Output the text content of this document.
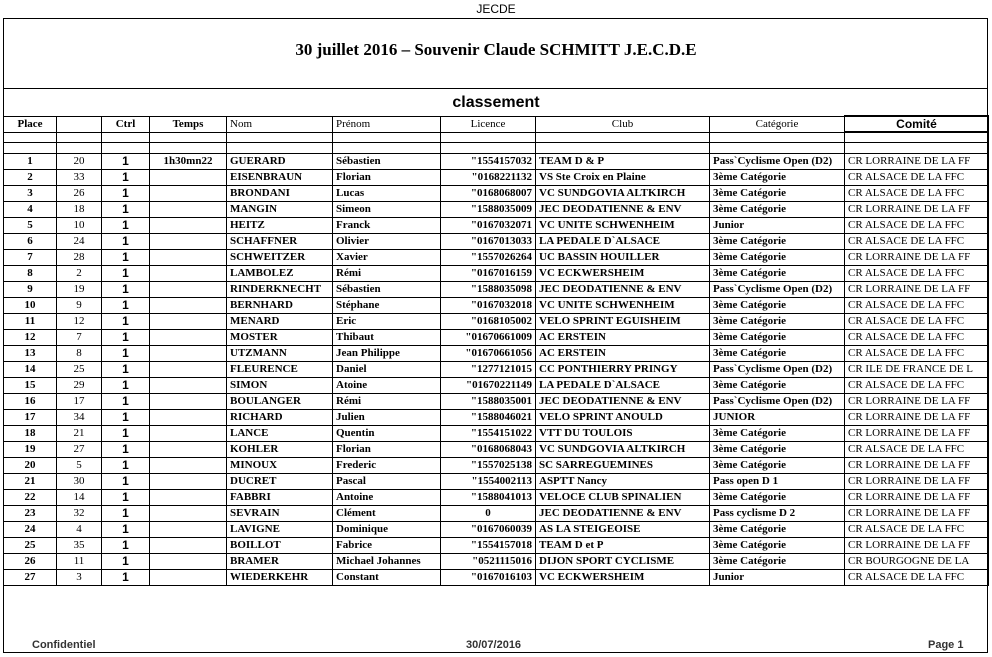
JECDE
30 juillet 2016 – Souvenir Claude SCHMITT J.E.C.D.E
classement
Place		Ctrl	Temps	Nom	Prénom	Licence	Club	Catégorie	Comité

1	20	1	1h30mn22	GUERARD	Sébastien	"1554157032	TEAM D & P	Pass`Cyclisme Open (D2)	CR LORRAINE DE LA FF
2	33	1		EISENBRAUN	Florian	"0168221132	VS Ste Croix en Plaine	3ème Catégorie	CR ALSACE DE LA FFC
3	26	1		BRONDANI	Lucas	"0168068007	VC SUNDGOVIA ALTKIRCH	3ème Catégorie	CR ALSACE DE LA FFC
4	18	1		MANGIN	Simeon	"1588035009	JEC DEODATIENNE & ENV	3ème Catégorie	CR LORRAINE DE LA FF
5	10	1		HEITZ	Franck	"0167032071	VC UNITE SCHWENHEIM	Junior	CR ALSACE DE LA FFC
6	24	1		SCHAFFNER	Olivier	"0167013033	LA PEDALE D`ALSACE	3ème Catégorie	CR ALSACE DE LA FFC
7	28	1		SCHWEITZER	Xavier	"1557026264	UC BASSIN HOUILLER	3ème Catégorie	CR LORRAINE DE LA FF
8	2	1		LAMBOLEZ	Rémi	"0167016159	VC ECKWERSHEIM	3ème Catégorie	CR ALSACE DE LA FFC
9	19	1		RINDERKNECHT	Sébastien	"1588035098	JEC DEODATIENNE & ENV	Pass`Cyclisme Open (D2)	CR LORRAINE DE LA FF
10	9	1		BERNHARD	Stéphane	"0167032018	VC UNITE SCHWENHEIM	3ème Catégorie	CR ALSACE DE LA FFC
11	12	1		MENARD	Eric	"0168105002	VELO SPRINT EGUISHEIM	3ème Catégorie	CR ALSACE DE LA FFC
12	7	1		MOSTER	Thibaut	"01670661009	AC ERSTEIN	3ème Catégorie	CR ALSACE DE LA FFC
13	8	1		UTZMANN	Jean Philippe	"01670661056	AC ERSTEIN	3ème Catégorie	CR ALSACE DE LA FFC
14	25	1		FLEURENCE	Daniel	"1277121015	CC PONTHIERRY PRINGY	Pass`Cyclisme Open (D2)	CR ILE DE FRANCE DE L
15	29	1		SIMON	Atoine	"01670221149	LA PEDALE D`ALSACE	3ème Catégorie	CR ALSACE DE LA FFC
16	17	1		BOULANGER	Rémi	"1588035001	JEC DEODATIENNE & ENV	Pass`Cyclisme Open (D2)	CR LORRAINE DE LA FF
17	34	1		RICHARD	Julien	"1588046021	VELO SPRINT ANOULD	JUNIOR	CR LORRAINE DE LA FF
18	21	1		LANCE	Quentin	"1554151022	VTT DU TOULOIS	3ème Catégorie	CR LORRAINE DE LA FF
19	27	1		KOHLER	Florian	"0168068043	VC SUNDGOVIA ALTKIRCH	3ème Catégorie	CR ALSACE DE LA FFC
20	5	1		MINOUX	Frederic	"1557025138	SC SARREGUEMINES	3ème Catégorie	CR LORRAINE DE LA FF
21	30	1		DUCRET	Pascal	"1554002113	ASPTT Nancy	Pass open D 1	CR LORRAINE DE LA FF
22	14	1		FABBRI	Antoine	"1588041013	VELOCE CLUB SPINALIEN	3ème Catégorie	CR LORRAINE DE LA FF
23	32	1		SEVRAIN	Clément	0	JEC DEODATIENNE & ENV	Pass cyclisme D 2	CR LORRAINE DE LA FF
24	4	1		LAVIGNE	Dominique	"0167060039	AS LA STEIGEOISE	3ème Catégorie	CR ALSACE DE LA FFC
25	35	1		BOILLOT	Fabrice	"1554157018	TEAM D et P	3ème Catégorie	CR LORRAINE DE LA FF
26	11	1		BRAMER	Michael Johannes	"0521115016	DIJON SPORT CYCLISME	3ème Catégorie	CR BOURGOGNE DE LA
27	3	1		WIEDERKEHR	Constant	"0167016103	VC ECKWERSHEIM	Junior	CR ALSACE DE LA FFC
Confidentiel	30/07/2016	Page 1
